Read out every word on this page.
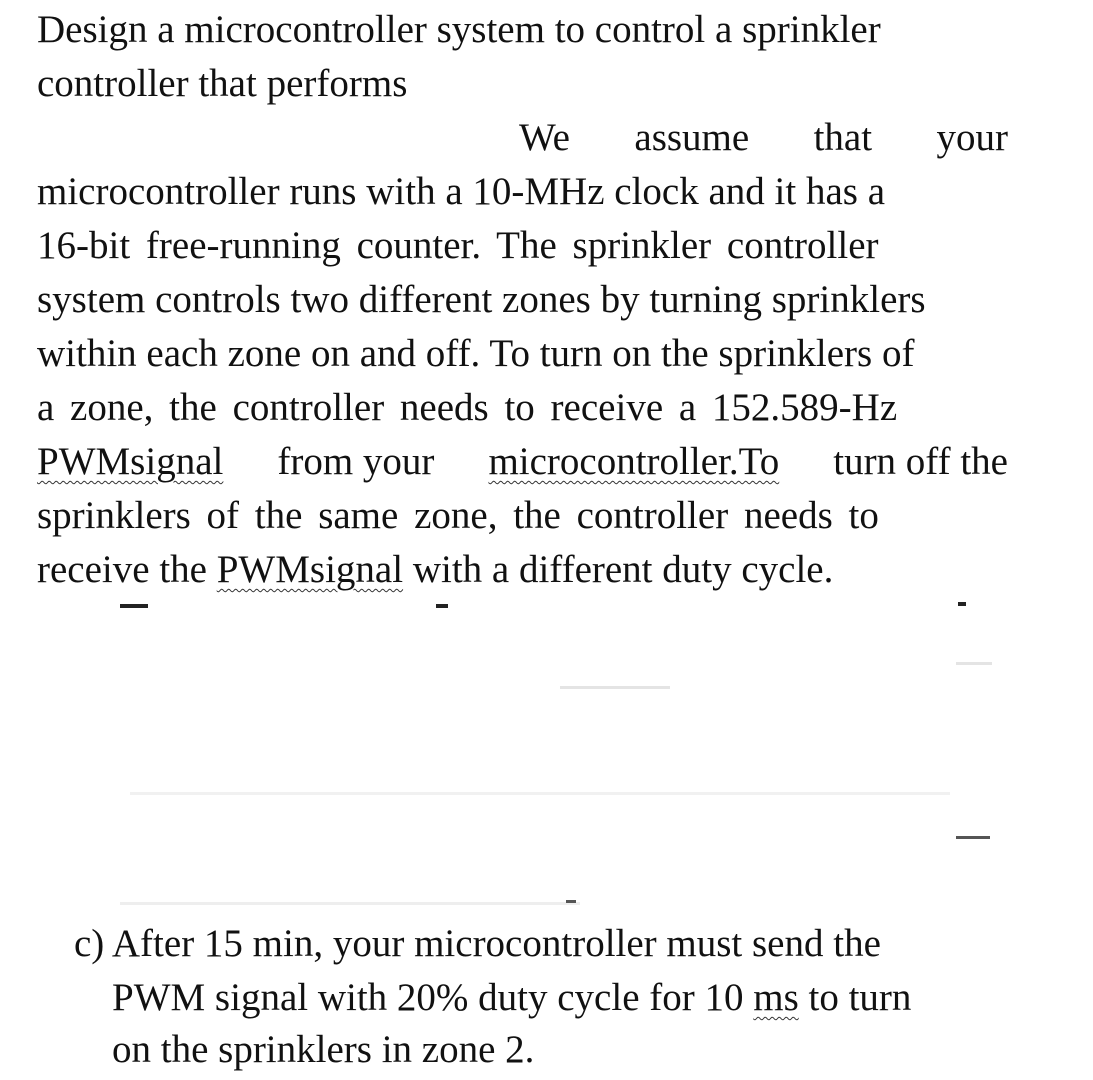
Design a microcontroller system to control a sprinkler
controller that performs
We assume that your
microcontroller runs with a 10-MHz clock and it has a
16-bit free-running counter. The sprinkler controller
system controls two different zones by turning sprinklers
within each zone on and off. To turn on the sprinklers of
a zone, the controller needs to receive a 152.589-Hz
PWMsignal from your microcontroller.To turn off the
sprinklers of the same zone, the controller needs to
receive the PWMsignal with a different duty cycle.
c) After 15 min, your microcontroller must send the
PWM signal with 20% duty cycle for 10 ms to turn
on the sprinklers in zone 2.
